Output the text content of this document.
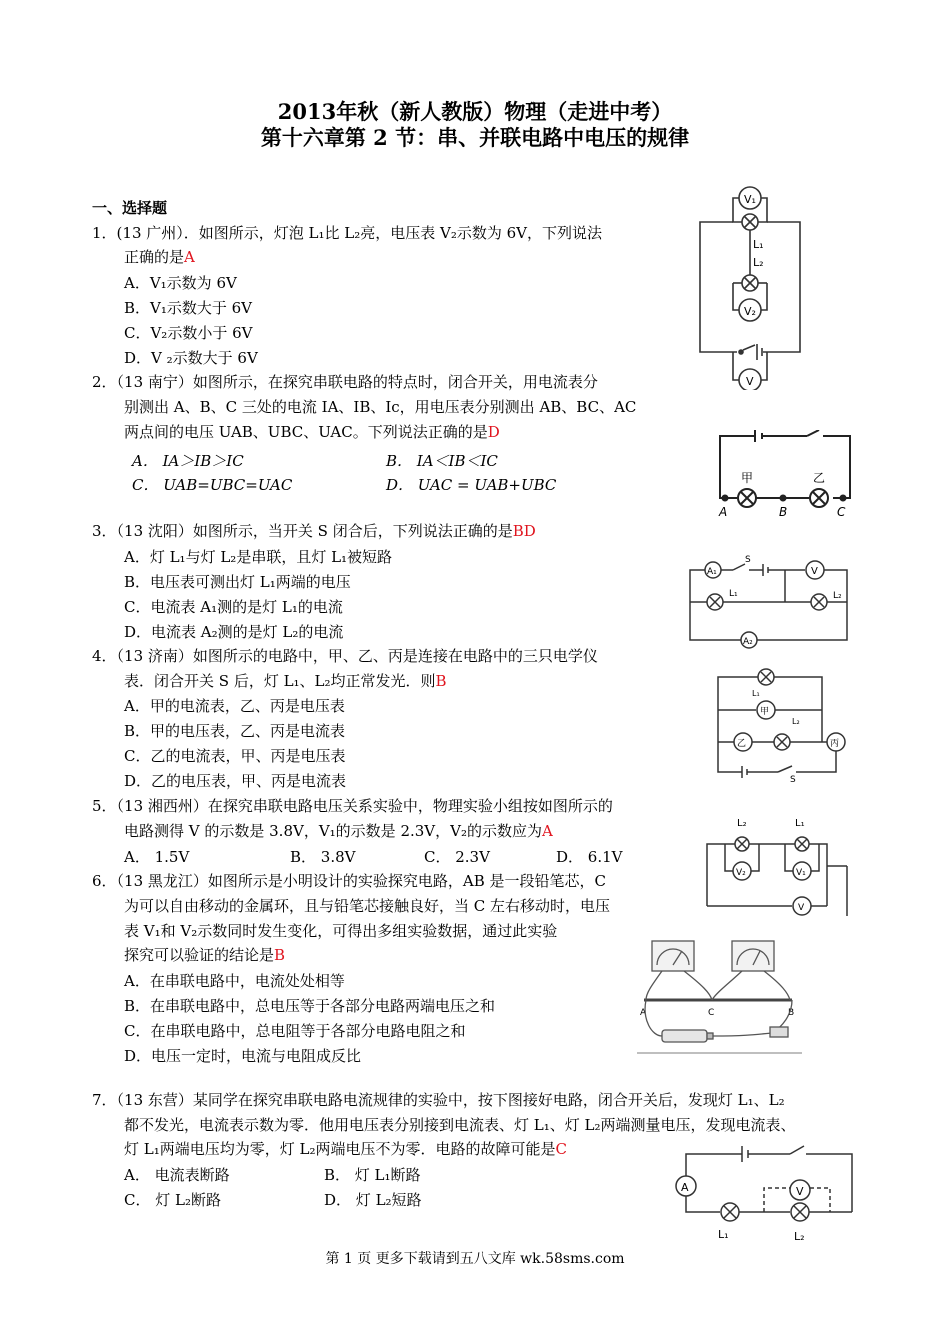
2013年秋（新人教版）物理（走进中考）
第十六章第 2 节：串、并联电路中电压的规律
一、选择题
1．(13 广州）．如图所示，灯泡 L₁比 L₂亮，电压表 V₂示数为 6V，下列说法
正确的是A
A．V₁示数为 6V
B．V₁示数大于 6V
C．V₂示数小于 6V
D．V ₂示数大于 6V
2．（13 南宁）如图所示，在探究串联电路的特点时，闭合开关，用电流表分
别测出 A、B、C 三处的电流 IA、IB、Ic，用电压表分别测出 AB、BC、AC
两点间的电压 UAB、UBC、UAC。下列说法正确的是D
A． IA＞IB＞IC	B． IA＜IB＜IC
C． UAB=UBC=UAC	D． UAC = UAB+UBC
3．（13 沈阳）如图所示，当开关 S 闭合后，下列说法正确的是BD
A．灯 L₁与灯 L₂是串联，且灯 L₁被短路
B．电压表可测出灯 L₁两端的电压
C．电流表 A₁测的是灯 L₁的电流
D．电流表 A₂测的是灯 L₂的电流
4．（13 济南）如图所示的电路中，甲、乙、丙是连接在电路中的三只电学仪
表．闭合开关 S 后，灯 L₁、L₂均正常发光．则B
A．甲的电流表，乙、丙是电压表
B．甲的电压表，乙、丙是电流表
C．乙的电流表，甲、丙是电压表
D．乙的电压表，甲、丙是电流表
5．（13 湘西州）在探究串联电路电压关系实验中，物理实验小组按如图所示的
电路测得 V 的示数是 3.8V，V₁的示数是 2.3V，V₂的示数应为A
A． 1.5V	B． 3.8V	C． 2.3V	D． 6.1V
6．（13 黑龙江）如图所示是小明设计的实验探究电路，AB 是一段铅笔芯，C
为可以自由移动的金属环，且与铅笔芯接触良好，当 C 左右移动时，电压
表 V₁和 V₂示数同时发生变化，可得出多组实验数据，通过此实验
探究可以验证的结论是B
A．在串联电路中，电流处处相等
B．在串联电路中，总电压等于各部分电路两端电压之和
C．在串联电路中，总电阻等于各部分电路电阻之和
D．电压一定时，电流与电阻成反比
7．（13 东营）某同学在探究串联电路电流规律的实验中，按下图接好电路，闭合开关后，发现灯 L₁、L₂
都不发光，电流表示数为零．他用电压表分别接到电流表、灯 L₁、灯 L₂两端测量电压，发现电流表、
灯 L₁两端电压均为零，灯 L₂两端电压不为零．电路的故障可能是C
A． 电流表断路	B． 灯 L₁断路
C． 灯 L₂断路	D． 灯 L₂短路
第 1 页 更多下载请到五八文库 wk.58sms.com
V₁
L₁
L₂
V₂
V
甲	乙
A	B	C
A₁
S
V
L₁	L₂
A₂
L₁
甲
L₂
乙	丙
S
L₂	L₁
V₂	V₁
V
A	C	B
A	V
L₁	L₂
